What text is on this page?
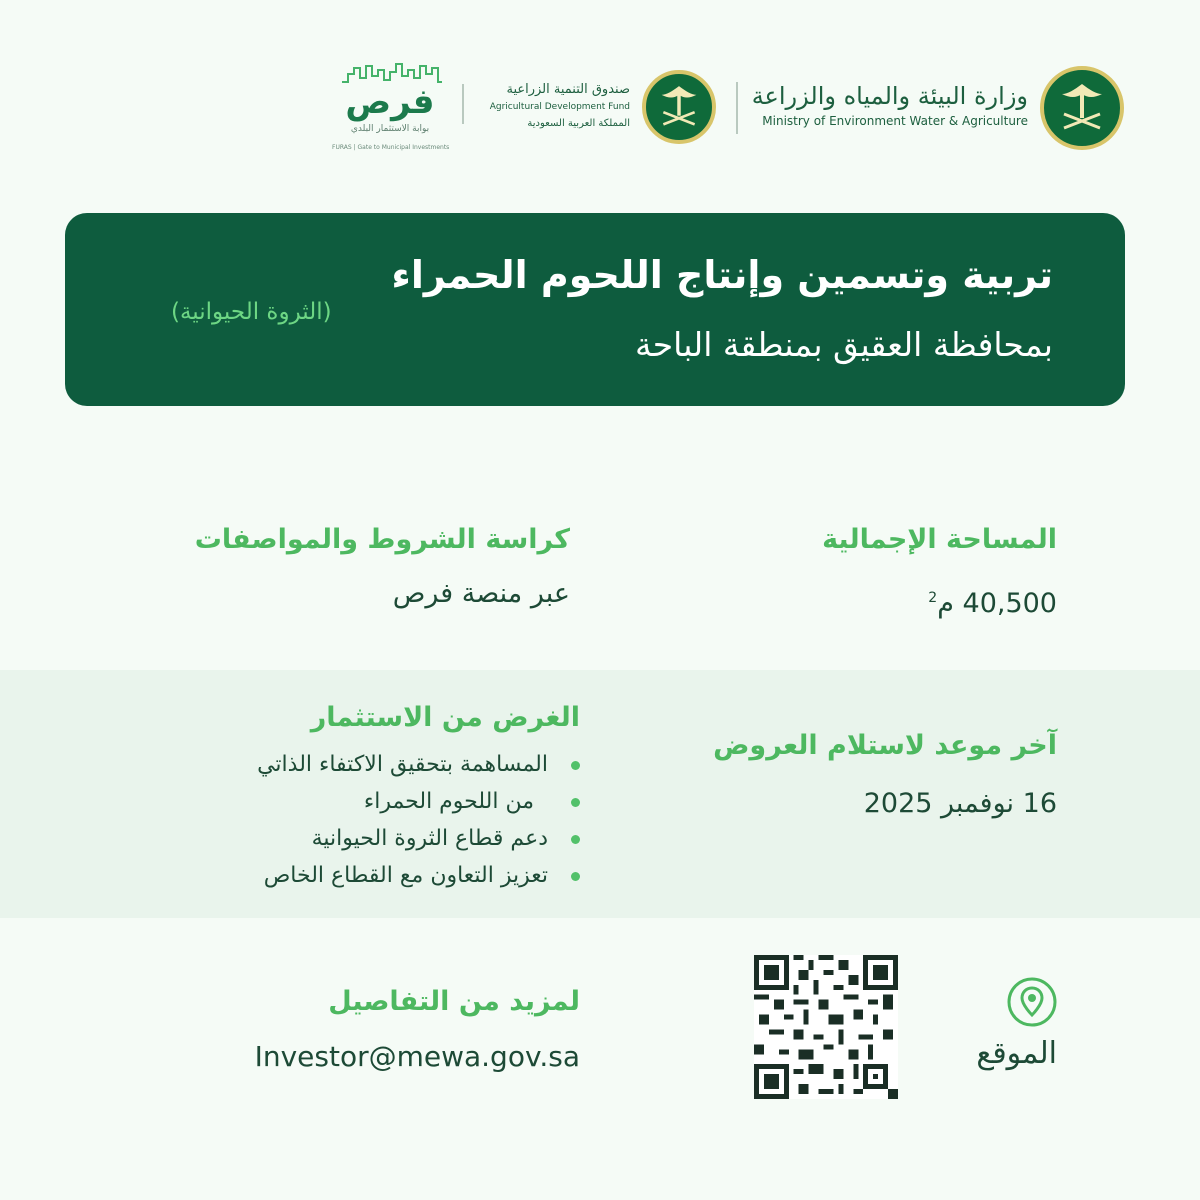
وزارة البيئة والمياه والزراعة
Ministry of Environment Water & Agriculture
صندوق التنمية الزراعية
Agricultural Development Fund
المملكة العربية السعودية
فرص
بوابة الاستثمار البلدي
FURAS | Gate to Municipal Investments
تربية وتسمين وإنتاج اللحوم الحمراء
بمحافظة العقيق بمنطقة الباحة
(الثروة الحيوانية)
المساحة الإجمالية
40,500 م$^2$
كراسة الشروط والمواصفات
عبر منصة فرص
آخر موعد لاستلام العروض
16 نوفمبر 2025
الغرض من الاستثمار
المساهمة بتحقيق الاكتفاء الذاتي
من اللحوم الحمراء
دعم قطاع الثروة الحيوانية
تعزيز التعاون مع القطاع الخاص
لمزيد من التفاصيل
Investor@mewa.gov.sa	الموقع
